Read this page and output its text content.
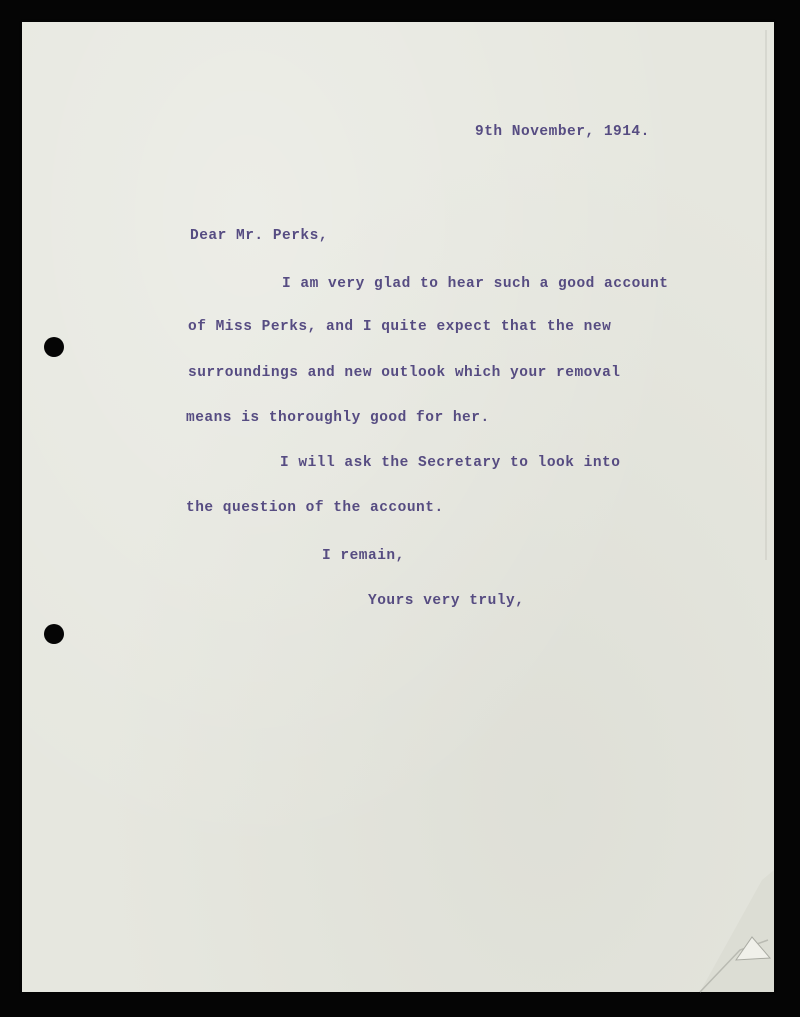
9th November, 1914.
Dear Mr. Perks,
I am very glad to hear such a good account
of Miss Perks, and I quite expect that the new
surroundings and new outlook which your removal
means is thoroughly good for her.
I will ask the Secretary to look into
the question of the account.
I remain,
Yours very truly,
